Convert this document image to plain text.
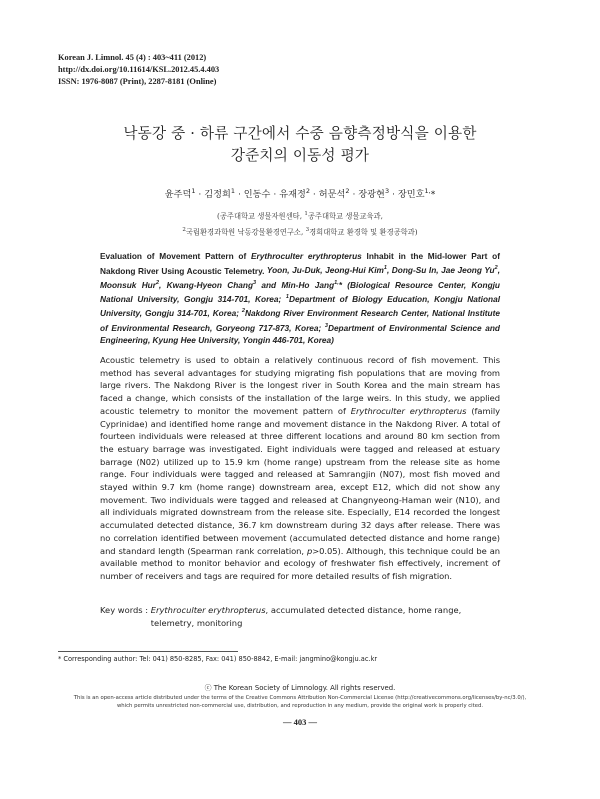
Korean J. Limnol. 45 (4) : 403~411 (2012)
http://dx.doi.org/10.11614/KSL.2012.45.4.403
ISSN: 1976-8087 (Print), 2287-8181 (Online)
낙동강 중 · 하류 구간에서 수중 음향측정방식을 이용한
강준치의 이동성 평가
윤주덕$^1$ · 김정희$^1$ · 인동수 · 유재정$^2$ · 허문석$^2$ · 장광현$^3$ · 장민호$^{1,}$*
(공주대학교 생물자원센타, $^1$공주대학교 생물교육과,
$^2$국립환경과학원 낙동강물환경연구소, $^3$경희대학교 환경학 및 환경공학과)
Evaluation of Movement Pattern of Erythroculter erythropterus Inhabit in the Mid-lower Part of Nakdong River Using Acoustic Telemetry. Yoon, Ju-Duk, Jeong-Hui Kim$^1$, Dong-Su In, Jae Jeong Yu$^2$, Moonsuk Hur$^2$, Kwang-Hyeon Chang$^3$ and Min-Ho Jang$^{1,}$* (Biological Resource Center, Kongju National University, Gongju 314-701, Korea; $^1$Department of Biology Education, Kongju National University, Gongju 314-701, Korea; $^2$Nakdong River Environment Research Center, National Institute of Environmental Research, Goryeong 717-873, Korea; $^3$Department of Environmental Science and Engineering, Kyung Hee University, Yongin 446-701, Korea)
Acoustic telemetry is used to obtain a relatively continuous record of fish movement. This method has several advantages for studying migrating fish populations that are moving from large rivers. The Nakdong River is the longest river in South Korea and the main stream has faced a change, which consists of the installation of the large weirs. In this study, we applied acoustic telemetry to monitor the movement pattern of Erythroculter erythropterus (family Cyprinidae) and identified home range and movement distance in the Nakdong River. A total of fourteen individuals were released at three different locations and around 80 km section from the estuary barrage was investigated. Eight individuals were tagged and released at estuary barrage (N02) utilized up to 15.9 km (home range) upstream from the release site as home range. Four individuals were tagged and released at Samrangjin (N07), most fish moved and stayed within 9.7 km (home range) downstream area, except E12, which did not show any movement. Two individuals were tagged and released at Changnyeong-Haman weir (N10), and all individuals migrated downstream from the release site. Especially, E14 recorded the longest accumulated detected distance, 36.7 km downstream during 32 days after release. There was no correlation identified between movement (accumulated detected distance and home range) and standard length (Spearman rank correlation, p>0.05). Although, this technique could be an available method to monitor behavior and ecology of freshwater fish effectively, increment of number of receivers and tags are required for more detailed results of fish migration.
Key words : Erythroculter erythropterus, accumulated detected distance, home range, telemetry, monitoring
* Corresponding author: Tel: 041) 850-8285, Fax: 041) 850-8842, E-mail: jangmino@kongju.ac.kr
ⓒ The Korean Society of Limnology. All rights reserved.
This is an open-access article distributed under the terms of the Creative Commons Attribution Non-Commercial License (http://creativecommons.org/licenses/by-nc/3.0/),
which permits unrestricted non-commercial use, distribution, and reproduction in any medium, provide the original work is properly cited.
— 403 —
